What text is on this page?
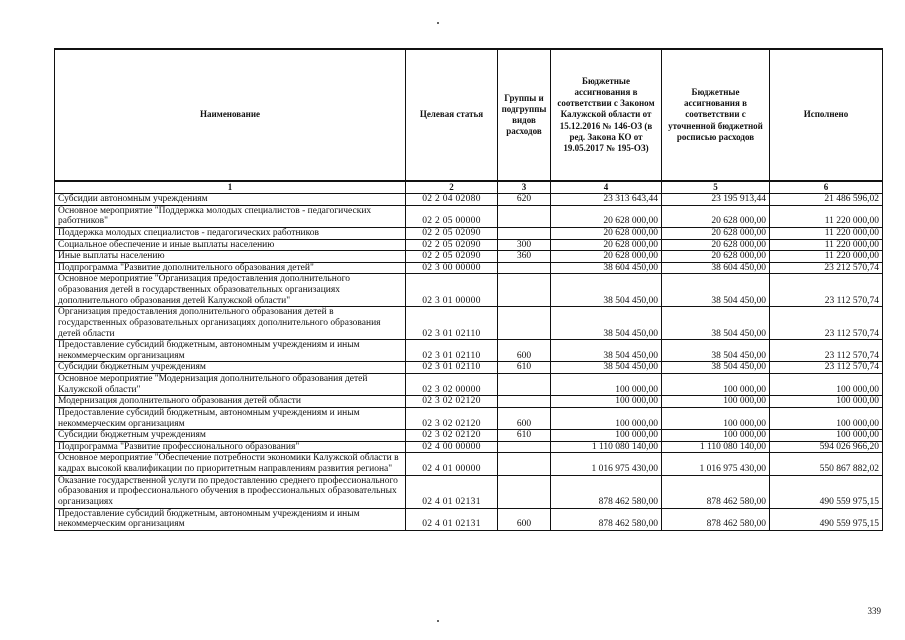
Наименование	Целевая статья	Группы и подгруппы видов расходов	Бюджетные ассигнования в соответствии с Законом Калужской области от 15.12.2016 № 146-ОЗ (в ред. Закона КО от 19.05.2017 № 195-ОЗ)	Бюджетные ассигнования в соответствии с уточненной бюджетной росписью расходов	Исполнено
1	2	3	4	5	6
Субсидии автономным учреждениям	02 2 04 02080	620	23 313 643,44	23 195 913,44	21 486 596,02
Основное мероприятие "Поддержка молодых специалистов - педагогических работников"	02 2 05 00000		20 628 000,00	20 628 000,00	11 220 000,00
Поддержка молодых специалистов - педагогических работников	02 2 05 02090		20 628 000,00	20 628 000,00	11 220 000,00
Социальное обеспечение и иные выплаты населению	02 2 05 02090	300	20 628 000,00	20 628 000,00	11 220 000,00
Иные выплаты населению	02 2 05 02090	360	20 628 000,00	20 628 000,00	11 220 000,00
Подпрограмма "Развитие дополнительного образования детей"	02 3 00 00000		38 604 450,00	38 604 450,00	23 212 570,74
Основное мероприятие "Организация предоставления дополнительного образования детей в государственных образовательных организациях дополнительного образования детей Калужской области"	02 3 01 00000		38 504 450,00	38 504 450,00	23 112 570,74
Организация предоставления дополнительного образования детей в государственных образовательных организациях дополнительного образования детей области	02 3 01 02110		38 504 450,00	38 504 450,00	23 112 570,74
Предоставление субсидий бюджетным, автономным учреждениям и иным некоммерческим организациям	02 3 01 02110	600	38 504 450,00	38 504 450,00	23 112 570,74
Субсидии бюджетным учреждениям	02 3 01 02110	610	38 504 450,00	38 504 450,00	23 112 570,74
Основное мероприятие "Модернизация дополнительного образования детей Калужской области"	02 3 02 00000		100 000,00	100 000,00	100 000,00
Модернизация дополнительного образования детей области	02 3 02 02120		100 000,00	100 000,00	100 000,00
Предоставление субсидий бюджетным, автономным учреждениям и иным некоммерческим организациям	02 3 02 02120	600	100 000,00	100 000,00	100 000,00
Субсидии бюджетным учреждениям	02 3 02 02120	610	100 000,00	100 000,00	100 000,00
Подпрограмма "Развитие профессионального образования"	02 4 00 00000		1 110 080 140,00	1 110 080 140,00	594 026 966,20
Основное мероприятие "Обеспечение потребности экономики Калужской области в кадрах высокой квалификации по приоритетным направлениям развития региона"	02 4 01 00000		1 016 975 430,00	1 016 975 430,00	550 867 882,02
Оказание государственной услуги по предоставлению среднего профессионального образования и профессионального обучения в профессиональных образовательных организациях	02 4 01 02131		878 462 580,00	878 462 580,00	490 559 975,15
Предоставление субсидий бюджетным, автономным учреждениям и иным некоммерческим организациям	02 4 01 02131	600	878 462 580,00	878 462 580,00	490 559 975,15
339
